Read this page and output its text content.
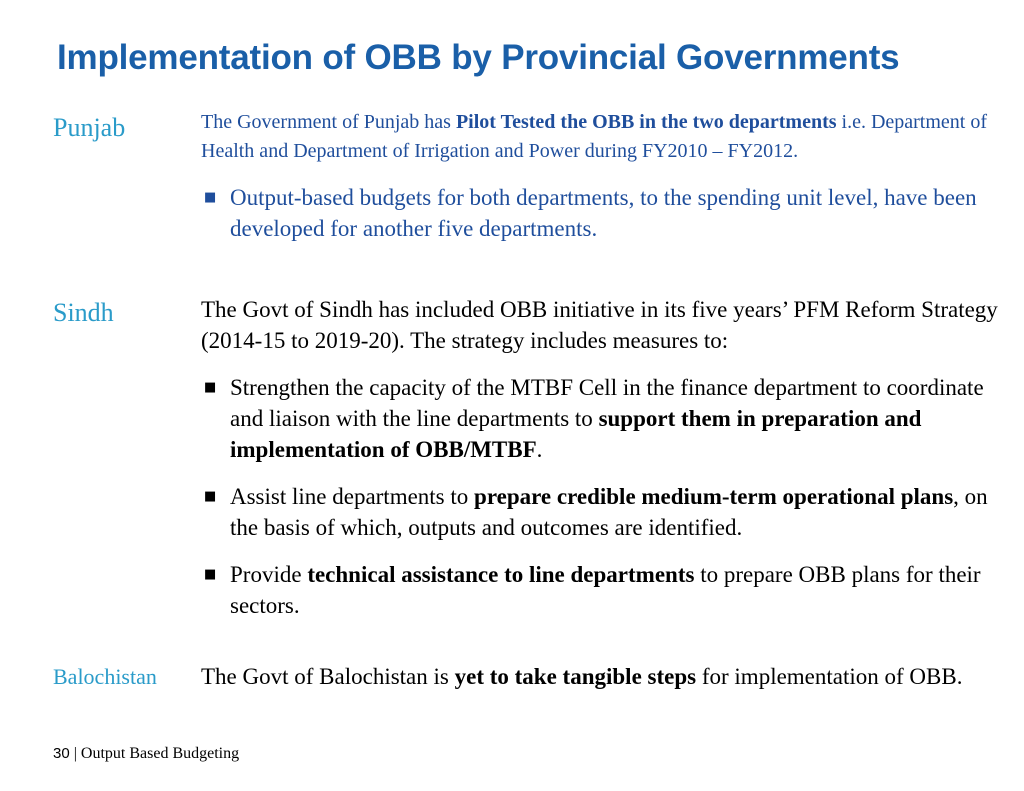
Implementation of OBB by Provincial Governments
Punjab	The Government of Punjab has Pilot Tested the OBB in the two departments i.e. Department of Health and Department of Irrigation and Power during FY2010 – FY2012.

■ Output-based budgets for both departments, to the spending unit level, have been developed for another five departments.
Sindh	The Govt of Sindh has included OBB initiative in its five years’ PFM Reform Strategy (2014-15 to 2019-20). The strategy includes measures to:

■ Strengthen the capacity of the MTBF Cell in the finance department to coordinate and liaison with the line departments to support them in preparation and implementation of OBB/MTBF.
■ Assist line departments to prepare credible medium-term operational plans, on the basis of which, outputs and outcomes are identified.
■ Provide technical assistance to line departments to prepare OBB plans for their sectors.
Balochistan The Govt of Balochistan is yet to take tangible steps for implementation of OBB.

30 | Output Based Budgeting
